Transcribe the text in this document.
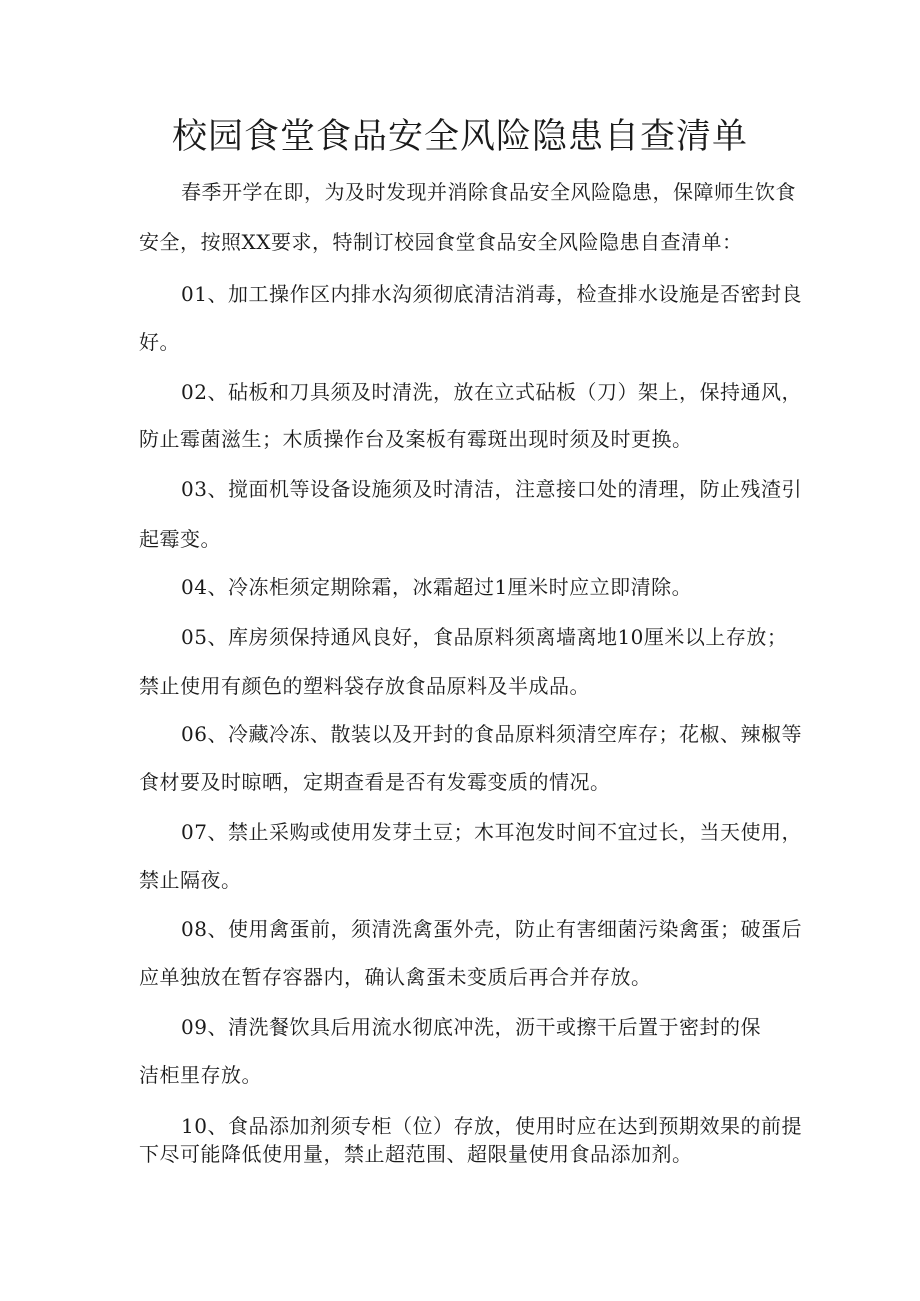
校园食堂食品安全风险隐患自查清单
春季开学在即，为及时发现并消除食品安全风险隐患，保障师生饮食
安全，按照XX要求，特制订校园食堂食品安全风险隐患自查清单：
01、加工操作区内排水沟须彻底清洁消毒，检查排水设施是否密封良
好。
02、砧板和刀具须及时清洗，放在立式砧板（刀）架上，保持通风，
防止霉菌滋生；木质操作台及案板有霉斑出现时须及时更换。
03、搅面机等设备设施须及时清洁，注意接口处的清理，防止残渣引
起霉变。
04、冷冻柜须定期除霜，冰霜超过1厘米时应立即清除。
05、库房须保持通风良好，食品原料须离墙离地10厘米以上存放；
禁止使用有颜色的塑料袋存放食品原料及半成品。
06、冷藏冷冻、散装以及开封的食品原料须清空库存；花椒、辣椒等
食材要及时晾晒，定期查看是否有发霉变质的情况。
07、禁止采购或使用发芽土豆；木耳泡发时间不宜过长，当天使用，
禁止隔夜。
08、使用禽蛋前，须清洗禽蛋外壳，防止有害细菌污染禽蛋；破蛋后
应单独放在暂存容器内，确认禽蛋未变质后再合并存放。
09、清洗餐饮具后用流水彻底冲洗，沥干或擦干后置于密封的保
洁柜里存放。
10、食品添加剂须专柜（位）存放，使用时应在达到预期效果的前提
下尽可能降低使用量，禁止超范围、超限量使用食品添加剂。
